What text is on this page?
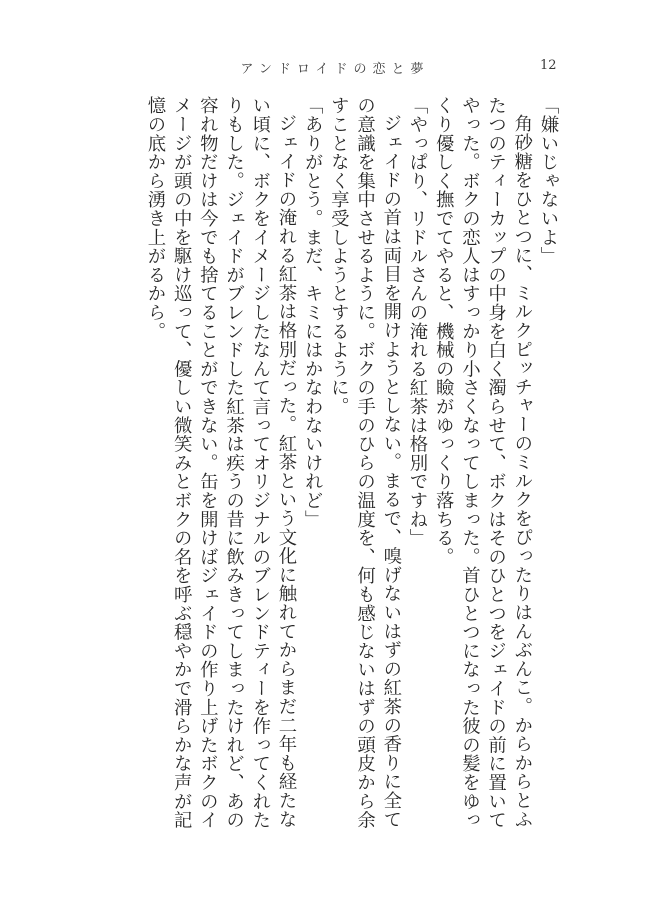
アンドロイドの恋と夢	12

「嫌いじゃないよ」

角砂糖をひとつに、ミルクピッチャーのミルクをぴったりはんぶんこ。からからとふたつのティーカップの中身を白く濁らせて、ボクはそのひとつをジェイドの前に置いてやった。ボクの恋人はすっかり小さくなってしまった。首ひとつになった彼の髪をゆっくり優しく撫でてやると、機械の瞼がゆっくり落ちる。

「やっぱり、リドルさんの淹れる紅茶は格別ですね」

ジェイドの首は両目を開けようとしない。まるで、嗅げないはずの紅茶の香りに全ての意識を集中させるように。ボクの手のひらの温度を、何も感じないはずの頭皮から余すことなく享受しようとするように。

「ありがとう。まだ、キミにはかなわないけれど」

ジェイドの淹れる紅茶は格別だった。紅茶という文化に触れてからまだ二年も経たない頃に、ボクをイメージしたなんて言ってオリジナルのブレンドティーを作ってくれたりもした。ジェイドがブレンドした紅茶は疾うの昔に飲みきってしまったけれど、あの容れ物だけは今でも捨てることができない。缶を開けばジェイドの作り上げたボクのイメージが頭の中を駆け巡って、優しい微笑みとボクの名を呼ぶ穏やかで滑らかな声が記憶の底から湧き上がるから。
